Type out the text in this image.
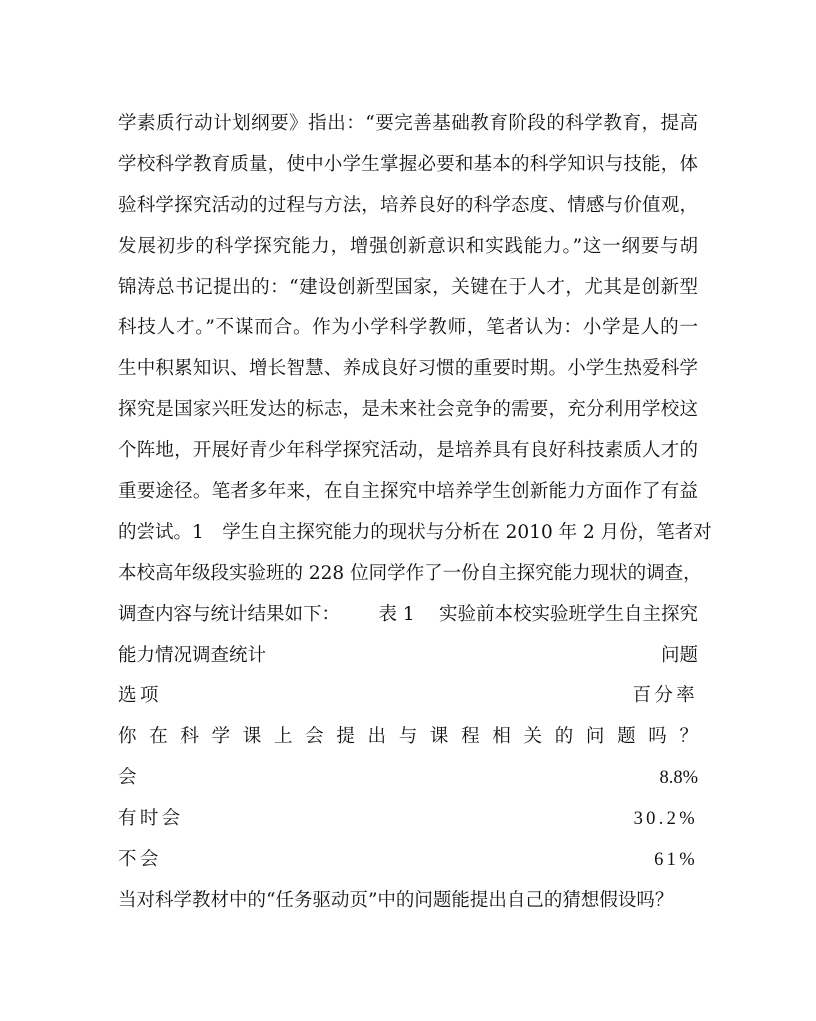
学素质行动计划纲要》指出：“要完善基础教育阶段的科学教育，提高
学校科学教育质量，使中小学生掌握必要和基本的科学知识与技能，体
验科学探究活动的过程与方法，培养良好的科学态度、情感与价值观，
发展初步的科学探究能力，增强创新意识和实践能力。”这一纲要与胡
锦涛总书记提出的：“建设创新型国家，关键在于人才，尤其是创新型
科技人才。”不谋而合。作为小学科学教师，笔者认为：小学是人的一
生中积累知识、增长智慧、养成良好习惯的重要时期。小学生热爱科学
探究是国家兴旺发达的标志，是未来社会竞争的需要，充分利用学校这
个阵地，开展好青少年科学探究活动，是培养具有良好科技素质人才的
重要途径。笔者多年来，在自主探究中培养学生创新能力方面作了有益
的尝试。1　学生自主探究能力的现状与分析在 2010 年 2 月份，笔者对
本校高年级段实验班的 228 位同学作了一份自主探究能力现状的调查，
调查内容与统计结果如下： 表 1　 实验前本校实验班学生自主探究
能力情况调查统计	问题
选项	百分率
你在科学课上会提出与课程相关的问题吗？
会	8.8%
有时会	30.2%
不会	61%
当对科学教材中的“任务驱动页”中的问题能提出自己的猜想假设吗？
